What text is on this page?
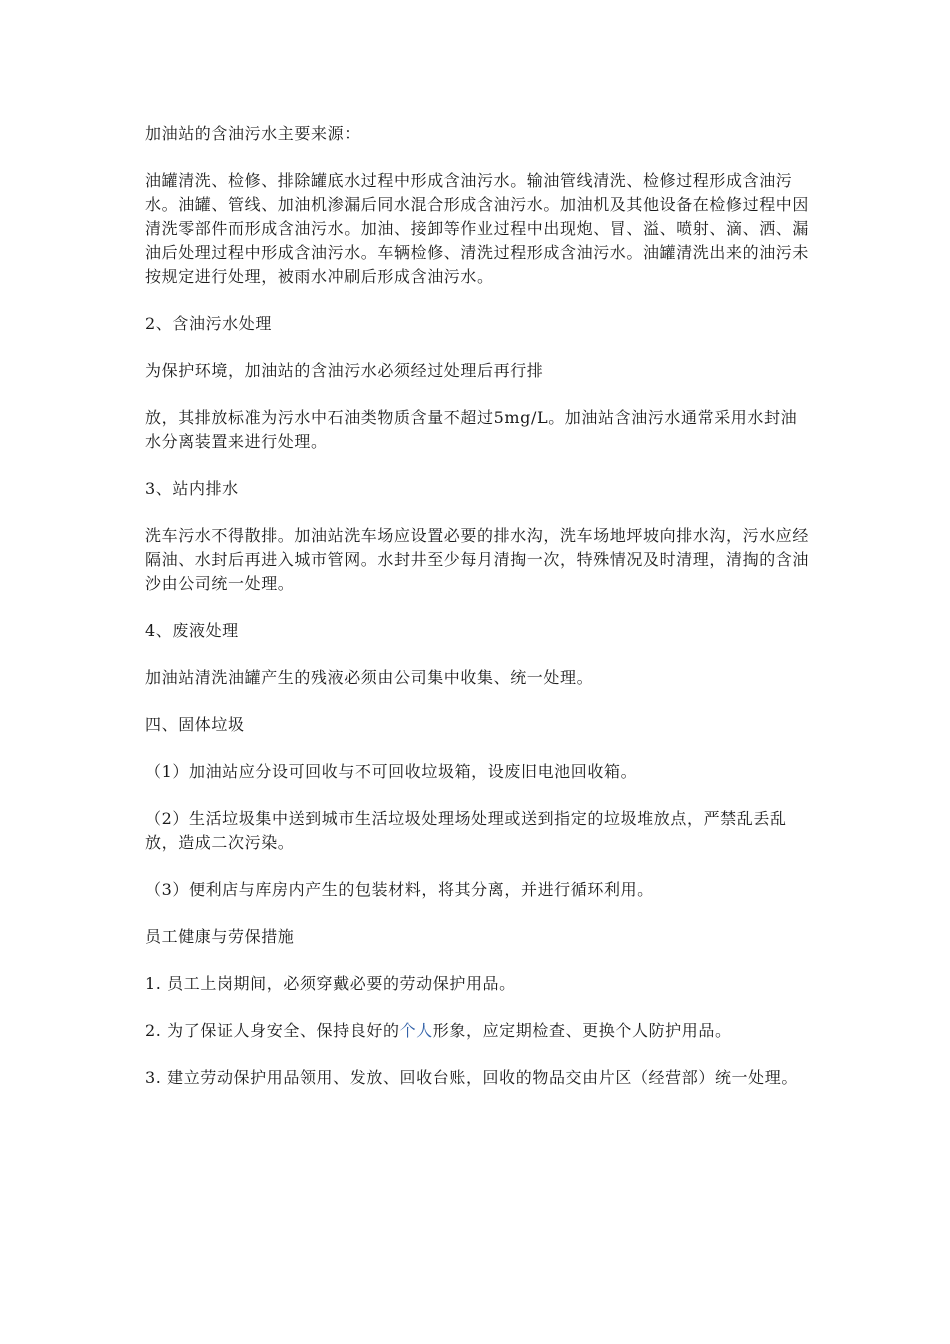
加油站的含油污水主要来源：

油罐清洗、检修、排除罐底水过程中形成含油污水。输油管线清洗、检修过程形成含油污水。油罐、管线、加油机渗漏后同水混合形成含油污水。加油机及其他设备在检修过程中因清洗零部件而形成含油污水。加油、接卸等作业过程中出现炮、冒、溢、喷射、滴、洒、漏油后处理过程中形成含油污水。车辆检修、清洗过程形成含油污水。油罐清洗出来的油污未按规定进行处理，被雨水冲刷后形成含油污水。

2、含油污水处理

为保护环境，加油站的含油污水必须经过处理后再行排

放，其排放标准为污水中石油类物质含量不超过5mg/L。加油站含油污水通常采用水封油水分离装置来进行处理。

3、站内排水

洗车污水不得散排。加油站洗车场应设置必要的排水沟，洗车场地坪坡向排水沟，污水应经隔油、水封后再进入城市管网。水封井至少每月清掏一次，特殊情况及时清理，清掏的含油沙由公司统一处理。

4、废液处理

加油站清洗油罐产生的残液必须由公司集中收集、统一处理。

四、固体垃圾

（1）加油站应分设可回收与不可回收垃圾箱，设废旧电池回收箱。

（2）生活垃圾集中送到城市生活垃圾处理场处理或送到指定的垃圾堆放点，严禁乱丢乱放，造成二次污染。

（3）便利店与库房内产生的包装材料，将其分离，并进行循环利用。

员工健康与劳保措施

1. 员工上岗期间，必须穿戴必要的劳动保护用品。

2. 为了保证人身安全、保持良好的个人形象，应定期检查、更换个人防护用品。

3. 建立劳动保护用品领用、发放、回收台账，回收的物品交由片区（经营部）统一处理。
